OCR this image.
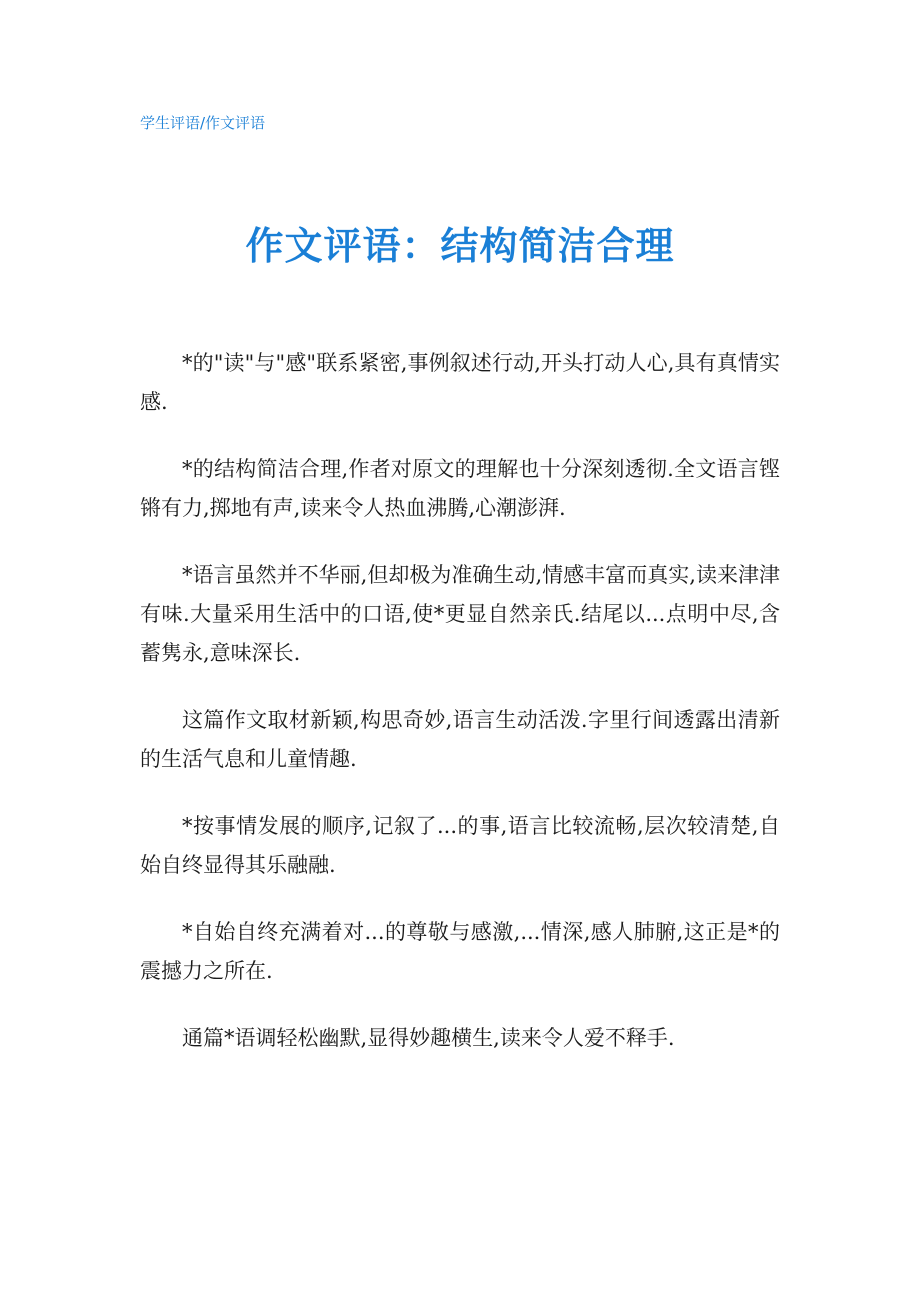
学生评语/作文评语
作文评语：结构简洁合理

*的"读"与"感"联系紧密,事例叙述行动,开头打动人心,具有真情实感.

*的结构简洁合理,作者对原文的理解也十分深刻透彻.全文语言铿锵有力,掷地有声,读来令人热血沸腾,心潮澎湃.

*语言虽然并不华丽,但却极为准确生动,情感丰富而真实,读来津津有味.大量采用生活中的口语,使*更显自然亲氏.结尾以...点明中尽,含蓄隽永,意味深长.

这篇作文取材新颖,构思奇妙,语言生动活泼.字里行间透露出清新的生活气息和儿童情趣.

*按事情发展的顺序,记叙了...的事,语言比较流畅,层次较清楚,自始自终显得其乐融融.

*自始自终充满着对...的尊敬与感激,...情深,感人肺腑,这正是*的震撼力之所在.

通篇*语调轻松幽默,显得妙趣横生,读来令人爱不释手.
